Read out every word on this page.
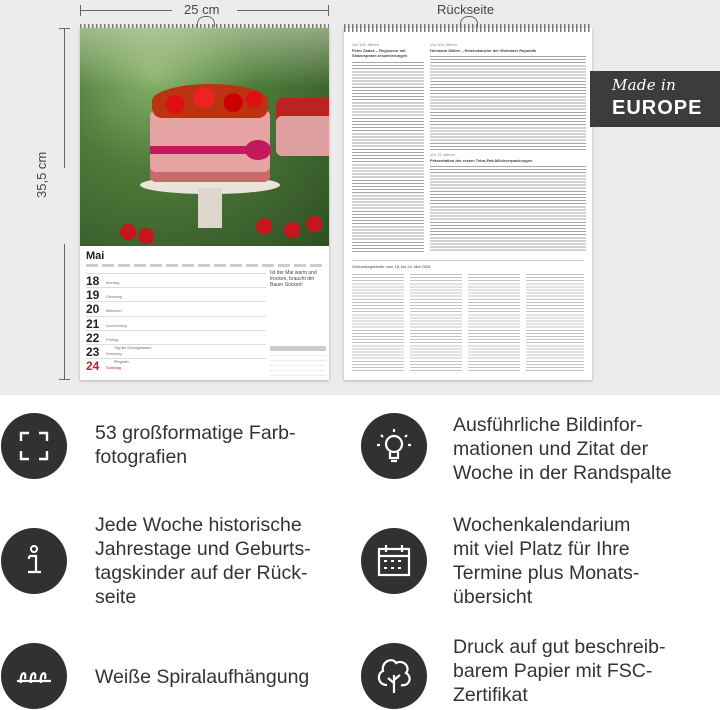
25 cm	Rückseite
35,5 cm
Mai
18 Montag
19 Dienstag
20 Mittwoch
21 Donnerstag
22 Freitag
23 Samstag
Tag des Grundgesetzes
24 Sonntag
Pfingsten
Ist der Mai warm und trocken, braucht der Bauer Socken!
Vor 100 Jahren
Peter Zadek – Regisseur mit Shakespeare-Inszenierungen
Vor 100 Jahren
Hermann Müller – Reichskanzler der Weimarer Republik
Vor 75 Jahren
Präsentation der ersten Tetra-Pak-Milchverpackungen
Geburtstagskinder vom 18. bis 24. Mai 2026
Made in
EUROPE
53 großformatige Farb-
fotografien
Ausführliche Bildinfor-
mationen und Zitat der
Woche in der Randspalte
Jede Woche historische
Jahrestage und Geburts-
tagskinder auf der Rück-
seite
Wochenkalendarium
mit viel Platz für Ihre
Termine plus Monats-
übersicht
Weiße Spiralaufhängung
Druck auf gut beschreib-
barem Papier mit FSC-
Zertifikat
